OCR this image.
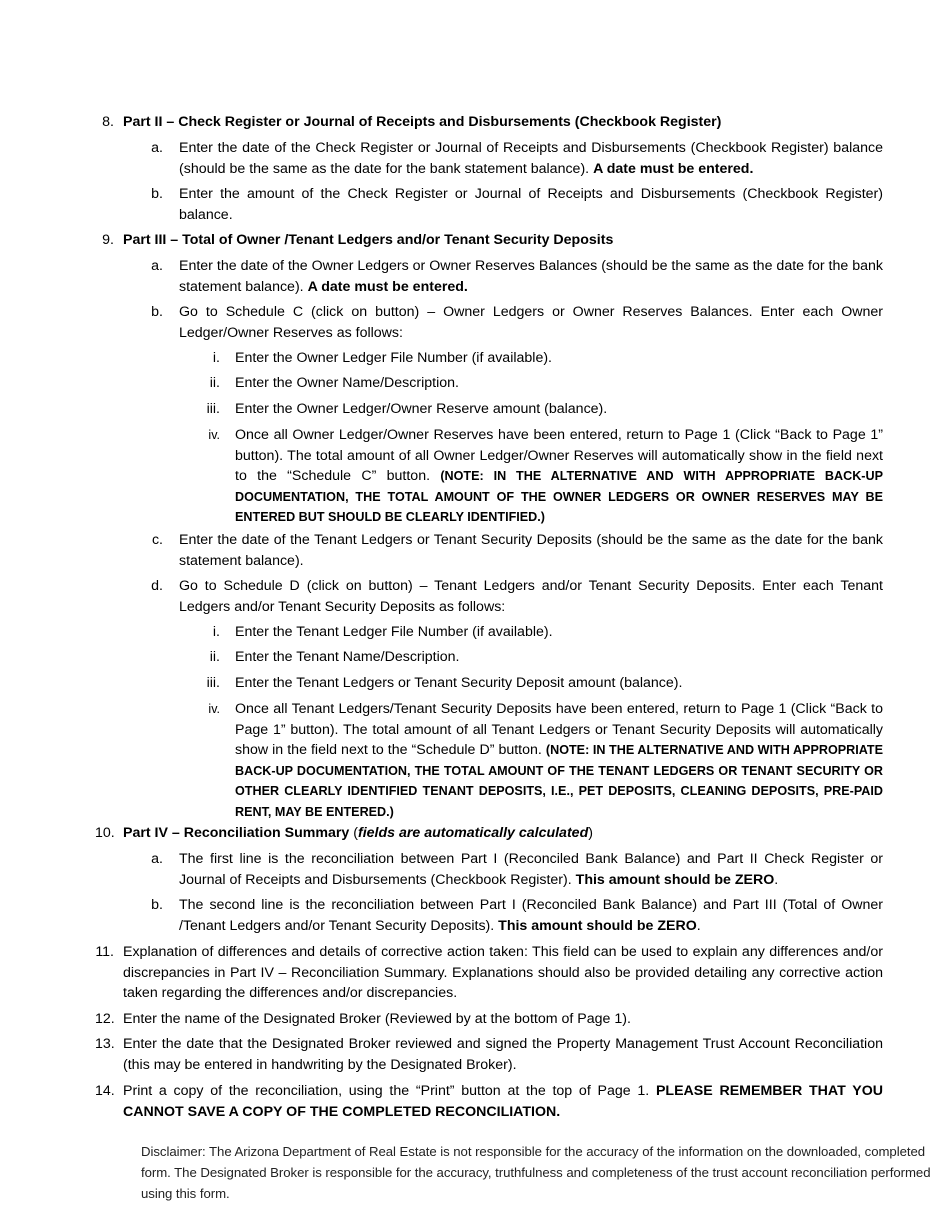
8. Part II – Check Register or Journal of Receipts and Disbursements (Checkbook Register)
a. Enter the date of the Check Register or Journal of Receipts and Disbursements (Checkbook Register) balance (should be the same as the date for the bank statement balance). A date must be entered.
b. Enter the amount of the Check Register or Journal of Receipts and Disbursements (Checkbook Register) balance.
9. Part III – Total of Owner /Tenant Ledgers and/or Tenant Security Deposits
a. Enter the date of the Owner Ledgers or Owner Reserves Balances (should be the same as the date for the bank statement balance). A date must be entered.
b. Go to Schedule C (click on button) – Owner Ledgers or Owner Reserves Balances. Enter each Owner Ledger/Owner Reserves as follows:
i. Enter the Owner Ledger File Number (if available).
ii. Enter the Owner Name/Description.
iii. Enter the Owner Ledger/Owner Reserve amount (balance).
iv. Once all Owner Ledger/Owner Reserves have been entered, return to Page 1 (Click “Back to Page 1” button). The total amount of all Owner Ledger/Owner Reserves will automatically show in the field next to the “Schedule C” button. (NOTE: IN THE ALTERNATIVE AND WITH APPROPRIATE BACK-UP DOCUMENTATION, THE TOTAL AMOUNT OF THE OWNER LEDGERS OR OWNER RESERVES MAY BE ENTERED BUT SHOULD BE CLEARLY IDENTIFIED.)
c. Enter the date of the Tenant Ledgers or Tenant Security Deposits (should be the same as the date for the bank statement balance).
d. Go to Schedule D (click on button) – Tenant Ledgers and/or Tenant Security Deposits. Enter each Tenant Ledgers and/or Tenant Security Deposits as follows:
i. Enter the Tenant Ledger File Number (if available).
ii. Enter the Tenant Name/Description.
iii. Enter the Tenant Ledgers or Tenant Security Deposit amount (balance).
iv. Once all Tenant Ledgers/Tenant Security Deposits have been entered, return to Page 1 (Click “Back to Page 1” button). The total amount of all Tenant Ledgers or Tenant Security Deposits will automatically show in the field next to the “Schedule D” button. (NOTE: IN THE ALTERNATIVE AND WITH APPROPRIATE BACK-UP DOCUMENTATION, THE TOTAL AMOUNT OF THE TENANT LEDGERS OR TENANT SECURITY OR OTHER CLEARLY IDENTIFIED TENANT DEPOSITS, I.E., PET DEPOSITS, CLEANING DEPOSITS, PRE-PAID RENT, MAY BE ENTERED.)
10. Part IV – Reconciliation Summary (fields are automatically calculated)
a. The first line is the reconciliation between Part I (Reconciled Bank Balance) and Part II Check Register or Journal of Receipts and Disbursements (Checkbook Register). This amount should be ZERO.
b. The second line is the reconciliation between Part I (Reconciled Bank Balance) and Part III (Total of Owner /Tenant Ledgers and/or Tenant Security Deposits). This amount should be ZERO.
11. Explanation of differences and details of corrective action taken: This field can be used to explain any differences and/or discrepancies in Part IV – Reconciliation Summary. Explanations should also be provided detailing any corrective action taken regarding the differences and/or discrepancies.
12. Enter the name of the Designated Broker (Reviewed by at the bottom of Page 1).
13. Enter the date that the Designated Broker reviewed and signed the Property Management Trust Account Reconciliation (this may be entered in handwriting by the Designated Broker).
14. Print a copy of the reconciliation, using the “Print” button at the top of Page 1. PLEASE REMEMBER THAT YOU CANNOT SAVE A COPY OF THE COMPLETED RECONCILIATION.
Disclaimer: The Arizona Department of Real Estate is not responsible for the accuracy of the information on the downloaded, completed form. The Designated Broker is responsible for the accuracy, truthfulness and completeness of the trust account reconciliation performed using this form.
